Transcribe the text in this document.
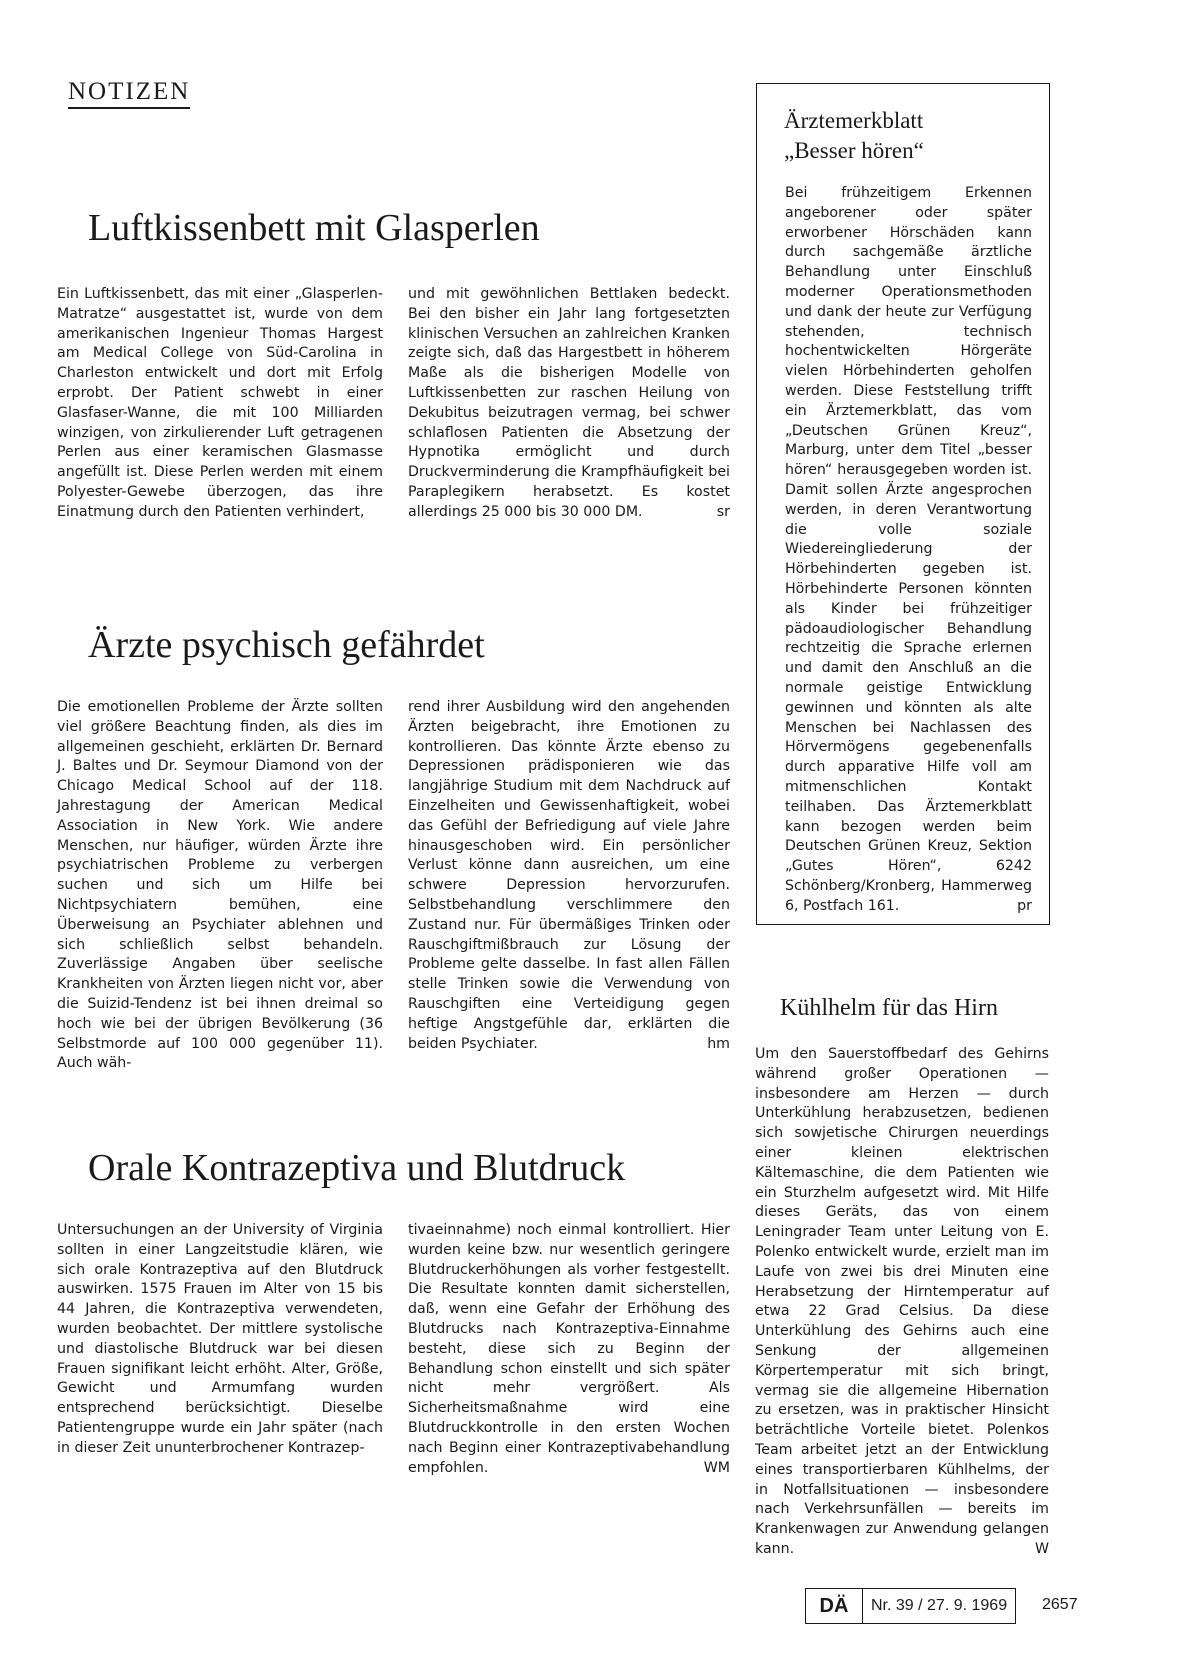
NOTIZEN
Luftkissenbett mit Glasperlen

Ein Luftkissenbett, das mit einer „Glasperlen-Matratze“ ausgestattet ist, wurde von dem amerikanischen Ingenieur Thomas Hargest am Medical College von Süd-Carolina in Charleston entwickelt und dort mit Erfolg erprobt. Der Patient schwebt in einer Glasfaser-Wanne, die mit 100 Milliarden winzigen, von zirkulierender Luft getragenen Perlen aus einer keramischen Glasmasse angefüllt ist. Diese Perlen werden mit einem Polyester-Gewebe überzogen, das ihre Einatmung durch den Patienten verhindert,

und mit gewöhnlichen Bettlaken bedeckt. Bei den bisher ein Jahr lang fortgesetzten klinischen Versuchen an zahlreichen Kranken zeigte sich, daß das Hargestbett in höherem Maße als die bisherigen Modelle von Luftkissenbetten zur raschen Heilung von Dekubitus beizutragen vermag, bei schwer schlaflosen Patienten die Absetzung der Hypnotika ermöglicht und durch Druckverminderung die Krampfhäufigkeit bei Paraplegikern herabsetzt. Es kostet allerdings 25 000 bis 30 000 DM.	sr

Ärzte psychisch gefährdet

Die emotionellen Probleme der Ärzte sollten viel größere Beachtung finden, als dies im allgemeinen geschieht, erklärten Dr. Bernard J. Baltes und Dr. Seymour Diamond von der Chicago Medical School auf der 118. Jahrestagung der American Medical Association in New York. Wie andere Menschen, nur häufiger, würden Ärzte ihre psychiatrischen Probleme zu verbergen suchen und sich um Hilfe bei Nichtpsychiatern bemühen, eine Überweisung an Psychiater ablehnen und sich schließlich selbst behandeln. Zuverlässige Angaben über seelische Krankheiten von Ärzten liegen nicht vor, aber die Suizid-Tendenz ist bei ihnen dreimal so hoch wie bei der übrigen Bevölkerung (36 Selbstmorde auf 100 000 gegenüber 11). Auch wäh-

rend ihrer Ausbildung wird den angehenden Ärzten beigebracht, ihre Emotionen zu kontrollieren. Das könnte Ärzte ebenso zu Depressionen prädisponieren wie das langjährige Studium mit dem Nachdruck auf Einzelheiten und Gewissenhaftigkeit, wobei das Gefühl der Befriedigung auf viele Jahre hinausgeschoben wird. Ein persönlicher Verlust könne dann ausreichen, um eine schwere Depression hervorzurufen. Selbstbehandlung verschlimmere den Zustand nur. Für übermäßiges Trinken oder Rauschgiftmißbrauch zur Lösung der Probleme gelte dasselbe. In fast allen Fällen stelle Trinken sowie die Verwendung von Rauschgiften eine Verteidigung gegen heftige Angstgefühle dar, erklärten die beiden Psychiater.	hm

Orale Kontrazeptiva und Blutdruck

Untersuchungen an der University of Virginia sollten in einer Langzeitstudie klären, wie sich orale Kontrazeptiva auf den Blutdruck auswirken. 1575 Frauen im Alter von 15 bis 44 Jahren, die Kontrazeptiva verwendeten, wurden beobachtet. Der mittlere systolische und diastolische Blutdruck war bei diesen Frauen signifikant leicht erhöht. Alter, Größe, Gewicht und Armumfang wurden entsprechend berücksichtigt. Dieselbe Patientengruppe wurde ein Jahr später (nach in dieser Zeit ununterbrochener Kontrazep-

tivaeinnahme) noch einmal kontrolliert. Hier wurden keine bzw. nur wesentlich geringere Blutdruckerhöhungen als vorher festgestellt. Die Resultate konnten damit sicherstellen, daß, wenn eine Gefahr der Erhöhung des Blutdrucks nach Kontrazeptiva-Einnahme besteht, diese sich zu Beginn der Behandlung schon einstellt und sich später nicht mehr vergrößert. Als Sicherheitsmaßnahme wird eine Blutdruckkontrolle in den ersten Wochen nach Beginn einer Kontrazeptivabehandlung empfohlen.	WM

Ärztemerkblatt
„Besser hören“

Bei frühzeitigem Erkennen angeborener oder später erworbener Hörschäden kann durch sachgemäße ärztliche Behandlung unter Einschluß moderner Operationsmethoden und dank der heute zur Verfügung stehenden, technisch hochentwickelten Hörgeräte vielen Hörbehinderten geholfen werden. Diese Feststellung trifft ein Ärztemerkblatt, das vom „Deutschen Grünen Kreuz“, Marburg, unter dem Titel „besser hören“ herausgegeben worden ist. Damit sollen Ärzte angesprochen werden, in deren Verantwortung die volle soziale Wiedereingliederung der Hörbehinderten gegeben ist. Hörbehinderte Personen könnten als Kinder bei frühzeitiger pädoaudiologischer Behandlung rechtzeitig die Sprache erlernen und damit den Anschluß an die normale geistige Entwicklung gewinnen und könnten als alte Menschen bei Nachlassen des Hörvermögens gegebenenfalls durch apparative Hilfe voll am mitmenschlichen Kontakt teilhaben. Das Ärztemerkblatt kann bezogen werden beim Deutschen Grünen Kreuz, Sektion „Gutes Hören“, 6242 Schönberg/Kronberg, Hammerweg 6, Postfach 161.	pr

Kühlhelm für das Hirn

Um den Sauerstoffbedarf des Gehirns während großer Operationen — insbesondere am Herzen — durch Unterkühlung herabzusetzen, bedienen sich sowjetische Chirurgen neuerdings einer kleinen elektrischen Kältemaschine, die dem Patienten wie ein Sturzhelm aufgesetzt wird. Mit Hilfe dieses Geräts, das von einem Leningrader Team unter Leitung von E. Polenko entwickelt wurde, erzielt man im Laufe von zwei bis drei Minuten eine Herabsetzung der Hirntemperatur auf etwa 22 Grad Celsius. Da diese Unterkühlung des Gehirns auch eine Senkung der allgemeinen Körpertemperatur mit sich bringt, vermag sie die allgemeine Hibernation zu ersetzen, was in praktischer Hinsicht beträchtliche Vorteile bietet. Polenkos Team arbeitet jetzt an der Entwicklung eines transportierbaren Kühlhelms, der in Notfallsituationen — insbesondere nach Verkehrsunfällen — bereits im Krankenwagen zur Anwendung gelangen kann.	W

DÄ	Nr. 39 / 27. 9. 1969	2657
